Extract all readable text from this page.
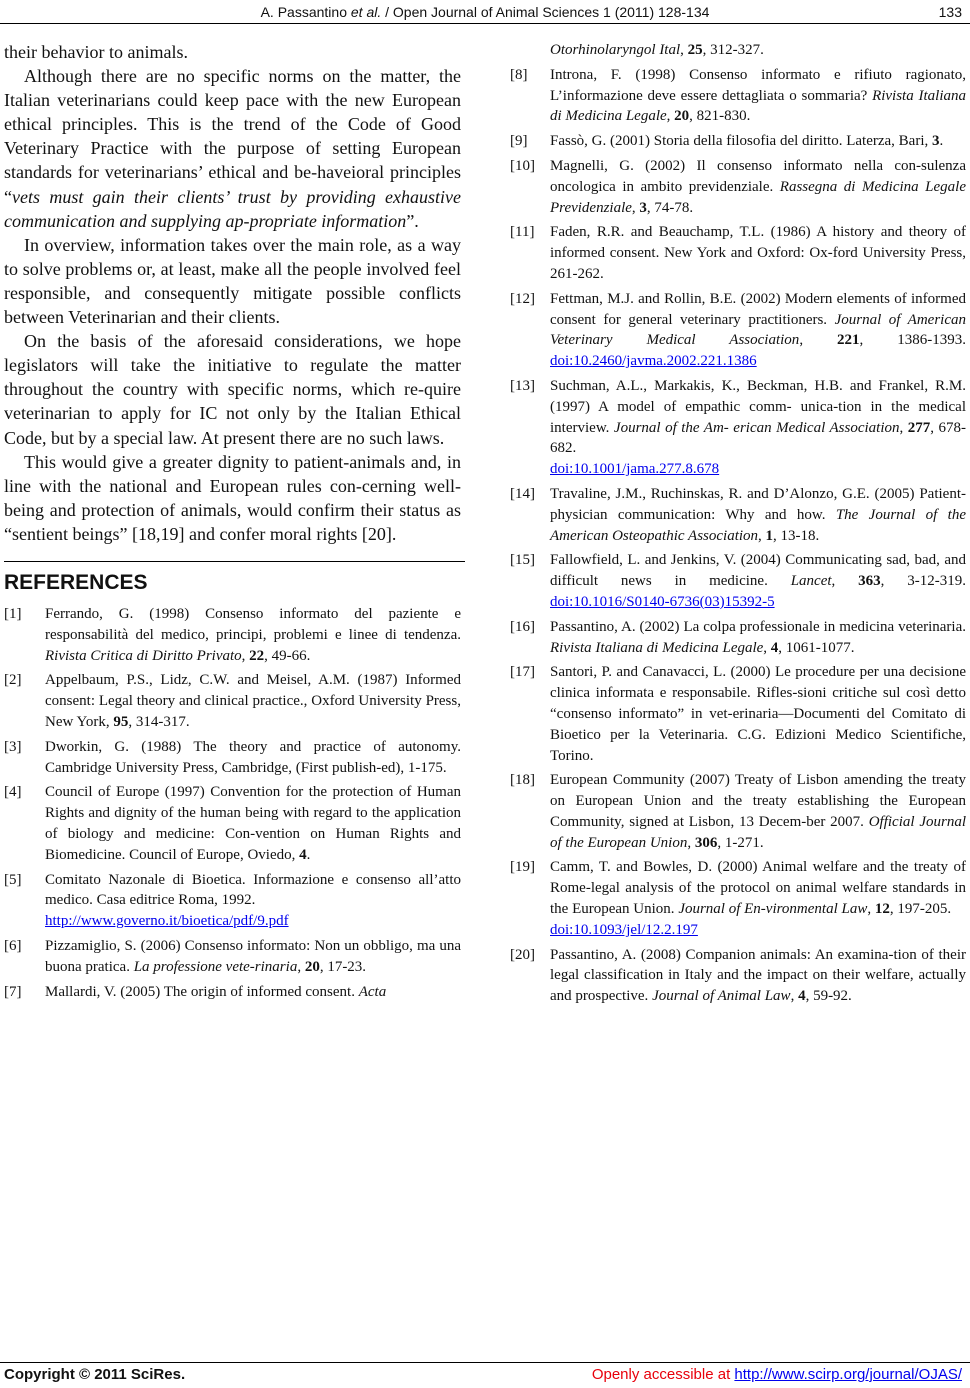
A. Passantino et al. / Open Journal of Animal Sciences 1 (2011) 128-134	133

their behavior to animals.

Although there are no specific norms on the matter, the Italian veterinarians could keep pace with the new European ethical principles. This is the trend of the Code of Good Veterinary Practice with the purpose of setting European standards for veterinarians’ ethical and be-haveioral principles “vets must gain their clients’ trust by providing exhaustive communication and supplying ap-propriate information”.

In overview, information takes over the main role, as a way to solve problems or, at least, make all the people involved feel responsible, and consequently mitigate possible conflicts between Veterinarian and their clients.

On the basis of the aforesaid considerations, we hope legislators will take the initiative to regulate the matter throughout the country with specific norms, which re-quire veterinarian to apply for IC not only by the Italian Ethical Code, but by a special law. At present there are no such laws.

This would give a greater dignity to patient-animals and, in line with the national and European rules con-cerning well-being and protection of animals, would confirm their status as “sentient beings” [18,19] and confer moral rights [20].

REFERENCES
[1] Ferrando, G. (1998) Consenso informato del paziente e responsabilità del medico, principi, problemi e linee di tendenza. Rivista Critica di Diritto Privato, 22, 49-66.
[2] Appelbaum, P.S., Lidz, C.W. and Meisel, A.M. (1987) Informed consent: Legal theory and clinical practice., Oxford University Press, New York, 95, 314-317.
[3] Dworkin, G. (1988) The theory and practice of autonomy. Cambridge University Press, Cambridge, (First publish-ed), 1-175.
[4] Council of Europe (1997) Convention for the protection of Human Rights and dignity of the human being with regard to the application of biology and medicine: Con-vention on Human Rights and Biomedicine. Council of Europe, Oviedo, 4.
[5] Comitato Nazonale di Bioetica. Informazione e consenso all’atto medico. Casa editrice Roma, 1992.
http://www.governo.it/bioetica/pdf/9.pdf
[6] Pizzamiglio, S. (2006) Consenso informato: Non un obbligo, ma una buona pratica. La professione vete-rinaria, 20, 17-23.
[7] Mallardi, V. (2005) The origin of informed consent. Acta
Otorhinolaryngol Ital, 25, 312-327.
[8] Introna, F. (1998) Consenso informato e rifiuto ragionato, L’informazione deve essere dettagliata o sommaria? Rivista Italiana di Medicina Legale, 20, 821-830.
[9] Fassò, G. (2001) Storia della filosofia del diritto. Laterza, Bari, 3.
[10] Magnelli, G. (2002) Il consenso informato nella con-sulenza oncologica in ambito previdenziale. Rassegna di Medicina Legale Previdenziale, 3, 74-78.
[11] Faden, R.R. and Beauchamp, T.L. (1986) A history and theory of informed consent. New York and Oxford: Ox-ford University Press, 261-262.
[12] Fettman, M.J. and Rollin, B.E. (2002) Modern elements of informed consent for general veterinary practitioners. Journal of American Veterinary Medical Association, 221, 1386-1393. doi:10.2460/javma.2002.221.1386
[13] Suchman, A.L., Markakis, K., Beckman, H.B. and Frankel, R.M. (1997) A model of empathic comm- unica-tion in the medical interview. Journal of the Am- erican Medical Association, 277, 678-682.
doi:10.1001/jama.277.8.678
[14] Travaline, J.M., Ruchinskas, R. and D’Alonzo, G.E. (2005) Patient-physician communication: Why and how. The Journal of the American Osteopathic Association, 1, 13-18.
[15] Fallowfield, L. and Jenkins, V. (2004) Communicating sad, bad, and difficult news in medicine. Lancet, 363, 3-12-319. doi:10.1016/S0140-6736(03)15392-5
[16] Passantino, A. (2002) La colpa professionale in medicina veterinaria. Rivista Italiana di Medicina Legale, 4, 1061-1077.
[17] Santori, P. and Canavacci, L. (2000) Le procedure per una decisione clinica informata e responsabile. Rifles-sioni critiche sul così detto “consenso informato” in vet-erinaria―Documenti del Comitato di Bioetico per la Veterinaria. C.G. Edizioni Medico Scientifiche, Torino.
[18] European Community (2007) Treaty of Lisbon amending the treaty on European Union and the treaty establishing the European Community, signed at Lisbon, 13 Decem-ber 2007. Official Journal of the European Union, 306, 1-271.
[19] Camm, T. and Bowles, D. (2000) Animal welfare and the treaty of Rome-legal analysis of the protocol on animal welfare standards in the European Union. Journal of En-vironmental Law, 12, 197-205.
doi:10.1093/jel/12.2.197
[20] Passantino, A. (2008) Companion animals: An examina-tion of their legal classification in Italy and the impact on their welfare, actually and prospective. Journal of Animal Law, 4, 59-92.
Copyright © 2011 SciRes.	Openly accessible at http://www.scirp.org/journal/OJAS/
